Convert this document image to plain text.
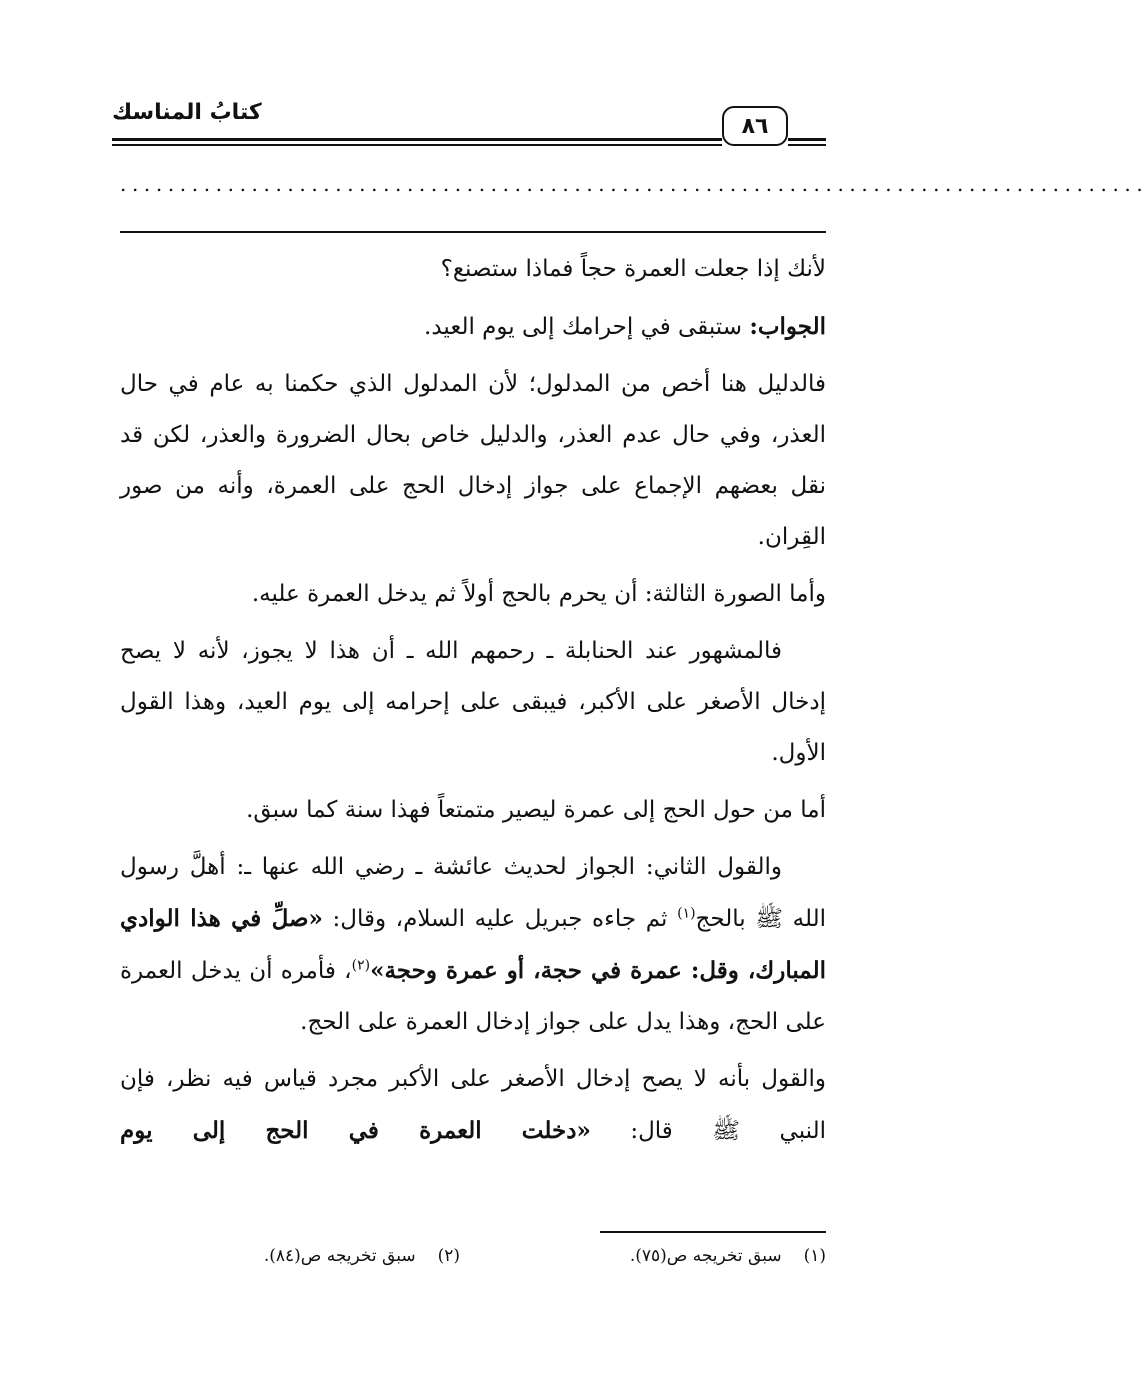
كتابُ المناسك
٨٦
......................................................................................

لأنك إذا جعلت العمرة حجاً فماذا ستصنع؟

الجواب: ستبقى في إحرامك إلى يوم العيد.

فالدليل هنا أخص من المدلول؛ لأن المدلول الذي حكمنا به عام في حال العذر، وفي حال عدم العذر، والدليل خاص بحال الضرورة والعذر، لكن قد نقل بعضهم الإجماع على جواز إدخال الحج على العمرة، وأنه من صور القِران.

وأما الصورة الثالثة: أن يحرم بالحج أولاً ثم يدخل العمرة عليه.

فالمشهور عند الحنابلة ـ رحمهم الله ـ أن هذا لا يجوز، لأنه لا يصح إدخال الأصغر على الأكبر، فيبقى على إحرامه إلى يوم العيد، وهذا القول الأول.

أما من حول الحج إلى عمرة ليصير متمتعاً فهذا سنة كما سبق.

والقول الثاني: الجواز لحديث عائشة ـ رضي الله عنها ـ: أهلَّ رسول الله ﷺ بالحج$^{(١)}$ ثم جاءه جبريل عليه السلام، وقال: «صلِّ في هذا الوادي المبارك، وقل: عمرة في حجة، أو عمرة وحجة»$^{(٢)}$، فأمره أن يدخل العمرة على الحج، وهذا يدل على جواز إدخال العمرة على الحج.

والقول بأنه لا يصح إدخال الأصغر على الأكبر مجرد قياس فيه نظر، فإن النبي ﷺ قال: «دخلت العمرة في الحج إلى يوم

(١)سبق تخريجه ص(٧٥).
(٢)سبق تخريجه ص(٨٤).
